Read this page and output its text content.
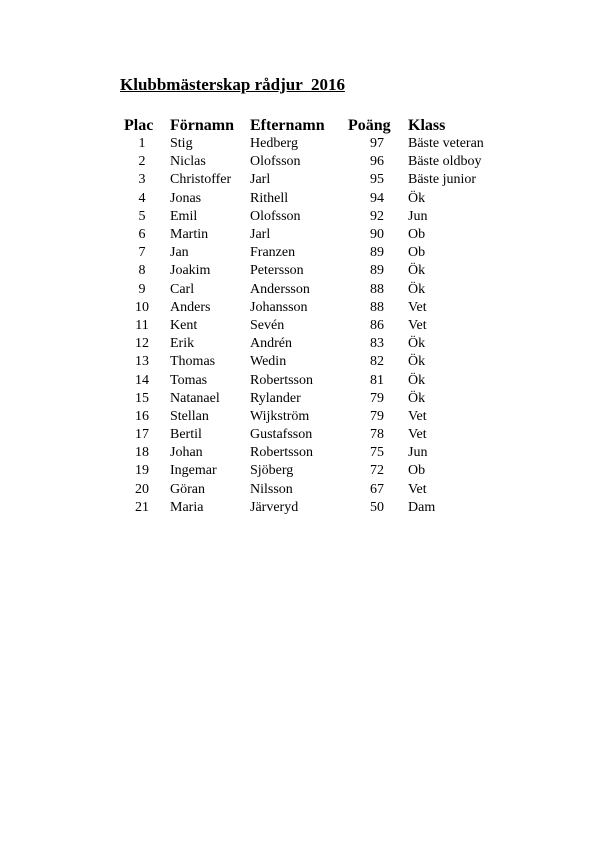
Klubbmästerskap rådjur  2016
Plac	Förnamn	Efternamn	Poäng	Klass
1	Stig	Hedberg	97	Bäste veteran
2	Niclas	Olofsson	96	Bäste oldboy
3	Christoffer	Jarl	95	Bäste junior
4	Jonas	Rithell	94	Ök
5	Emil	Olofsson	92	Jun
6	Martin	Jarl	90	Ob
7	Jan	Franzen	89	Ob
8	Joakim	Petersson	89	Ök
9	Carl	Andersson	88	Ök
10	Anders	Johansson	88	Vet
11	Kent	Sevén	86	Vet
12	Erik	Andrén	83	Ök
13	Thomas	Wedin	82	Ök
14	Tomas	Robertsson	81	Ök
15	Natanael	Rylander	79	Ök
16	Stellan	Wijkström	79	Vet
17	Bertil	Gustafsson	78	Vet
18	Johan	Robertsson	75	Jun
19	Ingemar	Sjöberg	72	Ob
20	Göran	Nilsson	67	Vet
21	Maria	Järveryd	50	Dam
